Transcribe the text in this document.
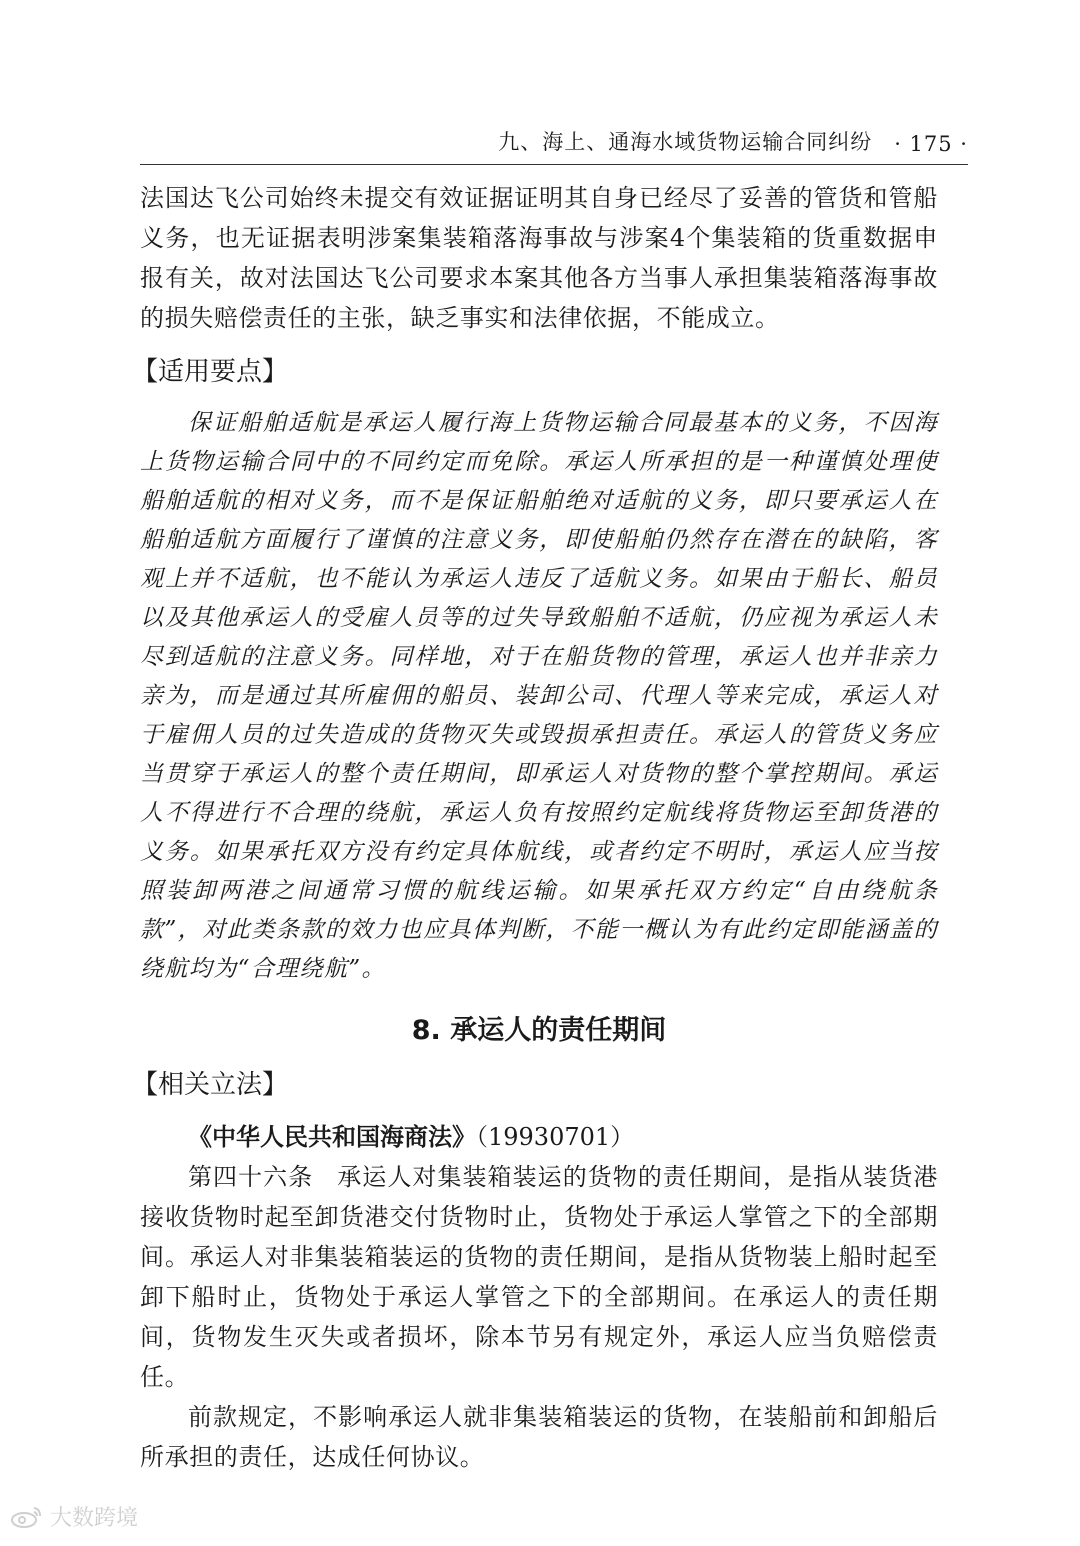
九、海上、通海水域货物运输合同纠纷 · 175 ·

法国达飞公司始终未提交有效证据证明其自身已经尽了妥善的管货和管船义务，也无证据表明涉案集装箱落海事故与涉案4个集装箱的货重数据申报有关，故对法国达飞公司要求本案其他各方当事人承担集装箱落海事故的损失赔偿责任的主张，缺乏事实和法律依据，不能成立。

【适用要点】

保证船舶适航是承运人履行海上货物运输合同最基本的义务，不因海上货物运输合同中的不同约定而免除。承运人所承担的是一种谨慎处理使船舶适航的相对义务，而不是保证船舶绝对适航的义务，即只要承运人在船舶适航方面履行了谨慎的注意义务，即使船舶仍然存在潜在的缺陷，客观上并不适航，也不能认为承运人违反了适航义务。如果由于船长、船员以及其他承运人的受雇人员等的过失导致船舶不适航，仍应视为承运人未尽到适航的注意义务。同样地，对于在船货物的管理，承运人也并非亲力亲为，而是通过其所雇佣的船员、装卸公司、代理人等来完成，承运人对于雇佣人员的过失造成的货物灭失或毁损承担责任。承运人的管货义务应当贯穿于承运人的整个责任期间，即承运人对货物的整个掌控期间。承运人不得进行不合理的绕航，承运人负有按照约定航线将货物运至卸货港的义务。如果承托双方没有约定具体航线，或者约定不明时，承运人应当按照装卸两港之间通常习惯的航线运输。如果承托双方约定“自由绕航条款”，对此类条款的效力也应具体判断，不能一概认为有此约定即能涵盖的绕航均为“合理绕航”。

8. 承运人的责任期间
【相关立法】
《中华人民共和国海商法》（19930701）

第四十六条 承运人对集装箱装运的货物的责任期间，是指从装货港接收货物时起至卸货港交付货物时止，货物处于承运人掌管之下的全部期间。承运人对非集装箱装运的货物的责任期间，是指从货物装上船时起至卸下船时止，货物处于承运人掌管之下的全部期间。在承运人的责任期间，货物发生灭失或者损坏，除本节另有规定外，承运人应当负赔偿责任。

前款规定，不影响承运人就非集装箱装运的货物，在装船前和卸船后所承担的责任，达成任何协议。

大数跨境
